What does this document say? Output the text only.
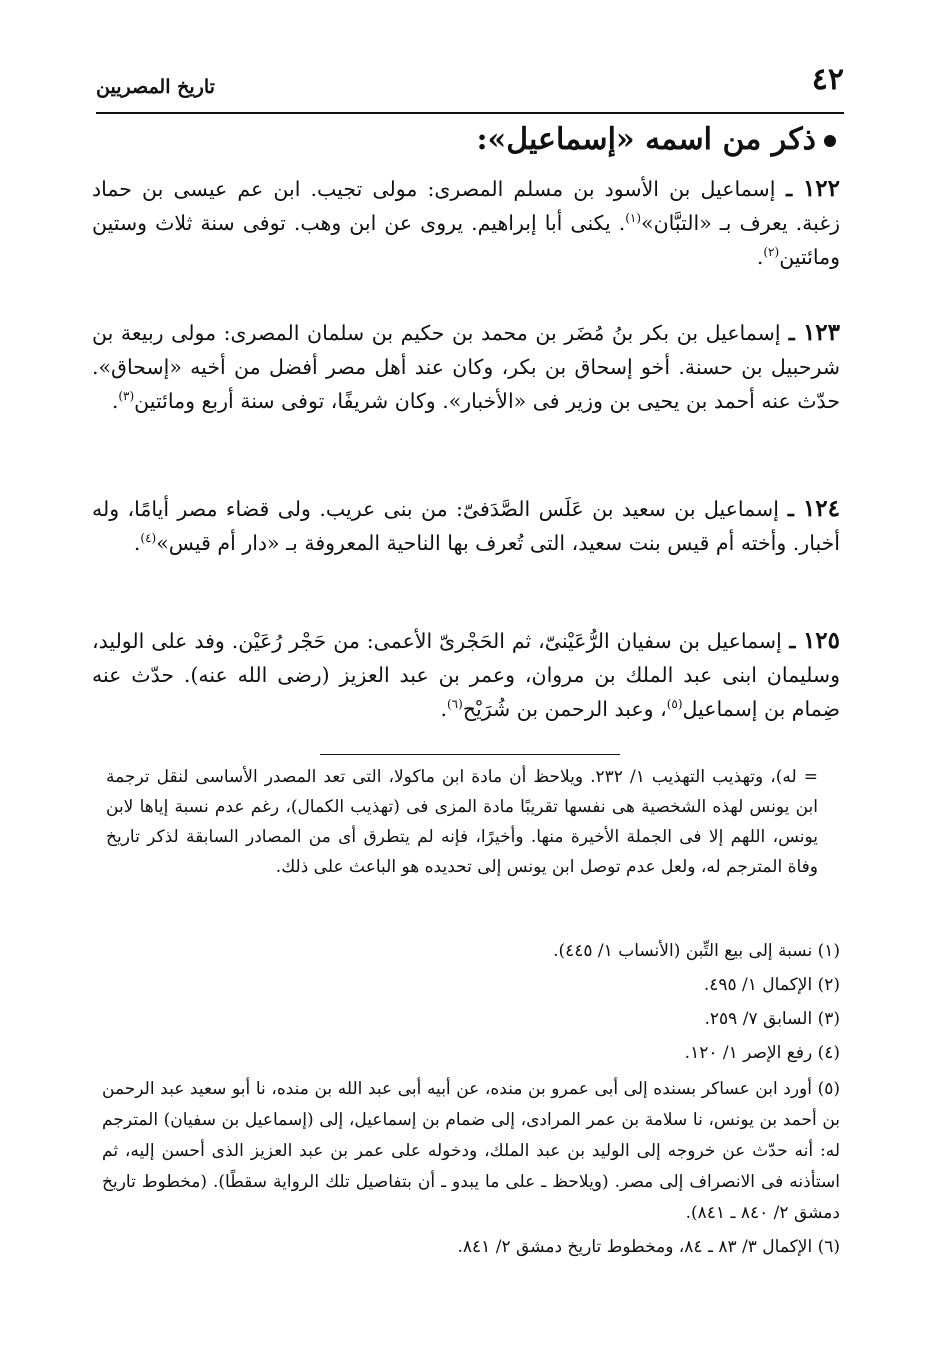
٤٢
تاريخ المصريين
ذكر من اسمه «إسماعيل»:
١٢٢ ـ إسماعيل بن الأسود بن مسلم المصرى: مولى تجيب. ابن عم عيسى بن حماد زغبة. يعرف بـ «التبَّان»$^{(١)}$. يكنى أبا إبراهيم. يروى عن ابن وهب. توفى سنة ثلاث وستين ومائتين$^{(٢)}$.
١٢٣ ـ إسماعيل بن بكر بنُ مُضَر بن محمد بن حكيم بن سلمان المصرى: مولى ربيعة بن شرحبيل بن حسنة. أخو إسحاق بن بكر، وكان عند أهل مصر أفضل من أخيه «إسحاق». حدّث عنه أحمد بن يحيى بن وزير فى «الأخبار». وكان شريفًا، توفى سنة أربع ومائتين$^{(٣)}$.
١٢٤ ـ إسماعيل بن سعيد بن عَلَس الصَّدَفىّ: من بنى عريب. ولى قضاء مصر أيامًا، وله أخبار. وأخته أم قيس بنت سعيد، التى تُعرف بها الناحية المعروفة بـ «دار أم قيس»$^{(٤)}$.
١٢٥ ـ إسماعيل بن سفيان الرُّعَيْنىّ، ثم الحَجْرىّ الأعمى: من حَجْر رُعَيْن. وفد على الوليد، وسليمان ابنى عبد الملك بن مروان، وعمر بن عبد العزيز (رضى الله عنه). حدّث عنه ضِمام بن إسماعيل$^{(٥)}$، وعبد الرحمن بن شُرَيْح$^{(٦)}$.
= له)، وتهذيب التهذيب ١/ ٢٣٢. ويلاحظ أن مادة ابن ماكولا، التى تعد المصدر الأساسى لنقل ترجمة ابن يونس لهذه الشخصية هى نفسها تقريبًا مادة المزى فى (تهذيب الكمال)، رغم عدم نسبة إياها لابن يونس، اللهم إلا فى الجملة الأخيرة منها. وأخيرًا، فإنه لم يتطرق أى من المصادر السابقة لذكر تاريخ وفاة المترجم له، ولعل عدم توصل ابن يونس إلى تحديده هو الباعث على ذلك.
(١) نسبة إلى بيع التِّبن (الأنساب ١/ ٤٤٥).
(٢) الإكمال ١/ ٤٩٥.
(٣) السابق ٧/ ٢٥٩.
(٤) رفع الإصر ١/ ١٢٠.
(٥) أورد ابن عساكر بسنده إلى أبى عمرو بن منده، عن أبيه أبى عبد الله بن منده، نا أبو سعيد عبد الرحمن بن أحمد بن يونس، نا سلامة بن عمر المرادى، إلى ضمام بن إسماعيل، إلى (إسماعيل بن سفيان) المترجم له: أنه حدّث عن خروجه إلى الوليد بن عبد الملك، ودخوله على عمر بن عبد العزيز الذى أحسن إليه، ثم استأذنه فى الانصراف إلى مصر. (ويلاحظ ـ على ما يبدو ـ أن بتفاصيل تلك الرواية سقطًا). (مخطوط تاريخ دمشق ٢/ ٨٤٠ ـ ٨٤١).
(٦) الإكمال ٣/ ٨٣ ـ ٨٤، ومخطوط تاريخ دمشق ٢/ ٨٤١.
